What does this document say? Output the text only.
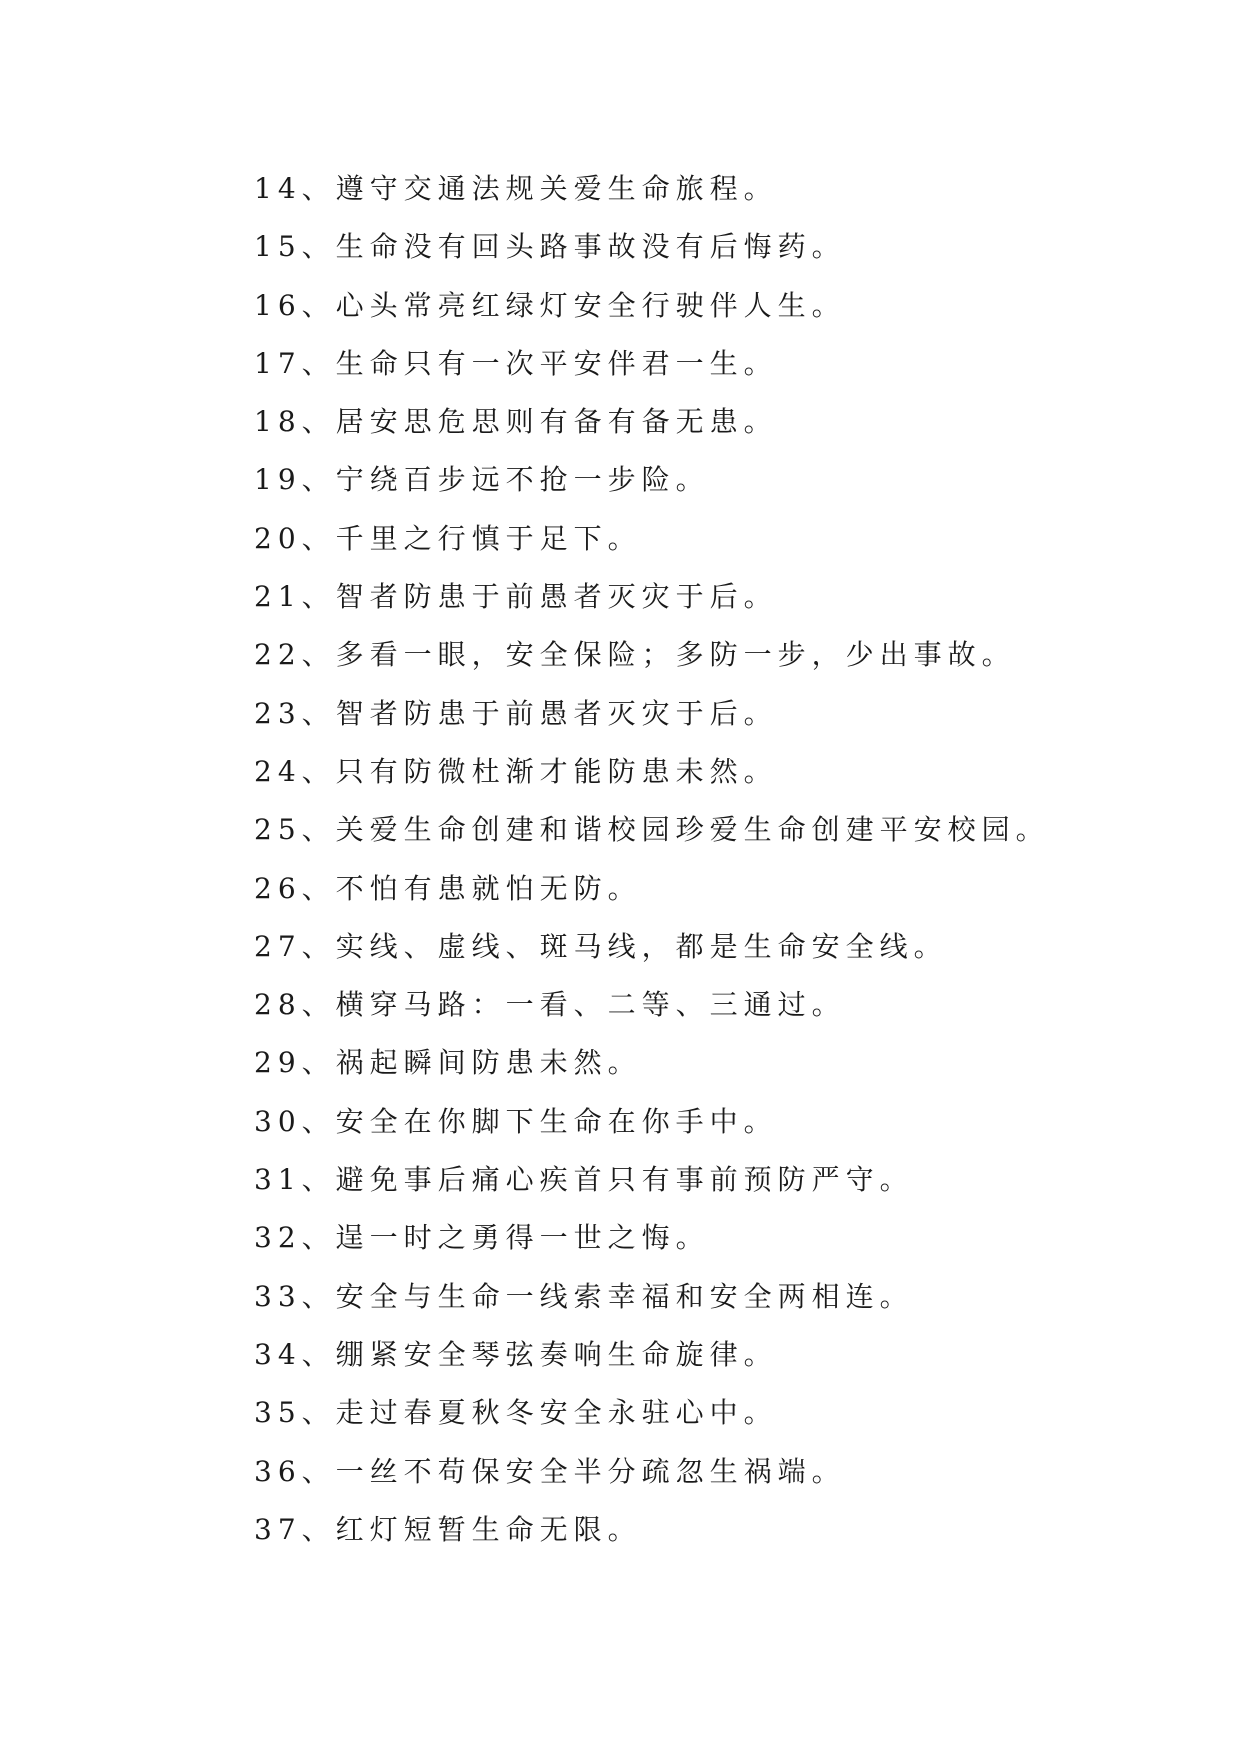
14、遵守交通法规关爱生命旅程。
15、生命没有回头路事故没有后悔药。
16、心头常亮红绿灯安全行驶伴人生。
17、生命只有一次平安伴君一生。
18、居安思危思则有备有备无患。
19、宁绕百步远不抢一步险。
20、千里之行慎于足下。
21、智者防患于前愚者灭灾于后。
22、多看一眼，安全保险；多防一步，少出事故。
23、智者防患于前愚者灭灾于后。
24、只有防微杜渐才能防患未然。
25、关爱生命创建和谐校园珍爱生命创建平安校园。
26、不怕有患就怕无防。
27、实线、虚线、斑马线，都是生命安全线。
28、横穿马路：一看、二等、三通过。
29、祸起瞬间防患未然。
30、安全在你脚下生命在你手中。
31、避免事后痛心疾首只有事前预防严守。
32、逞一时之勇得一世之悔。
33、安全与生命一线索幸福和安全两相连。
34、绷紧安全琴弦奏响生命旋律。
35、走过春夏秋冬安全永驻心中。
36、一丝不苟保安全半分疏忽生祸端。
37、红灯短暂生命无限。
